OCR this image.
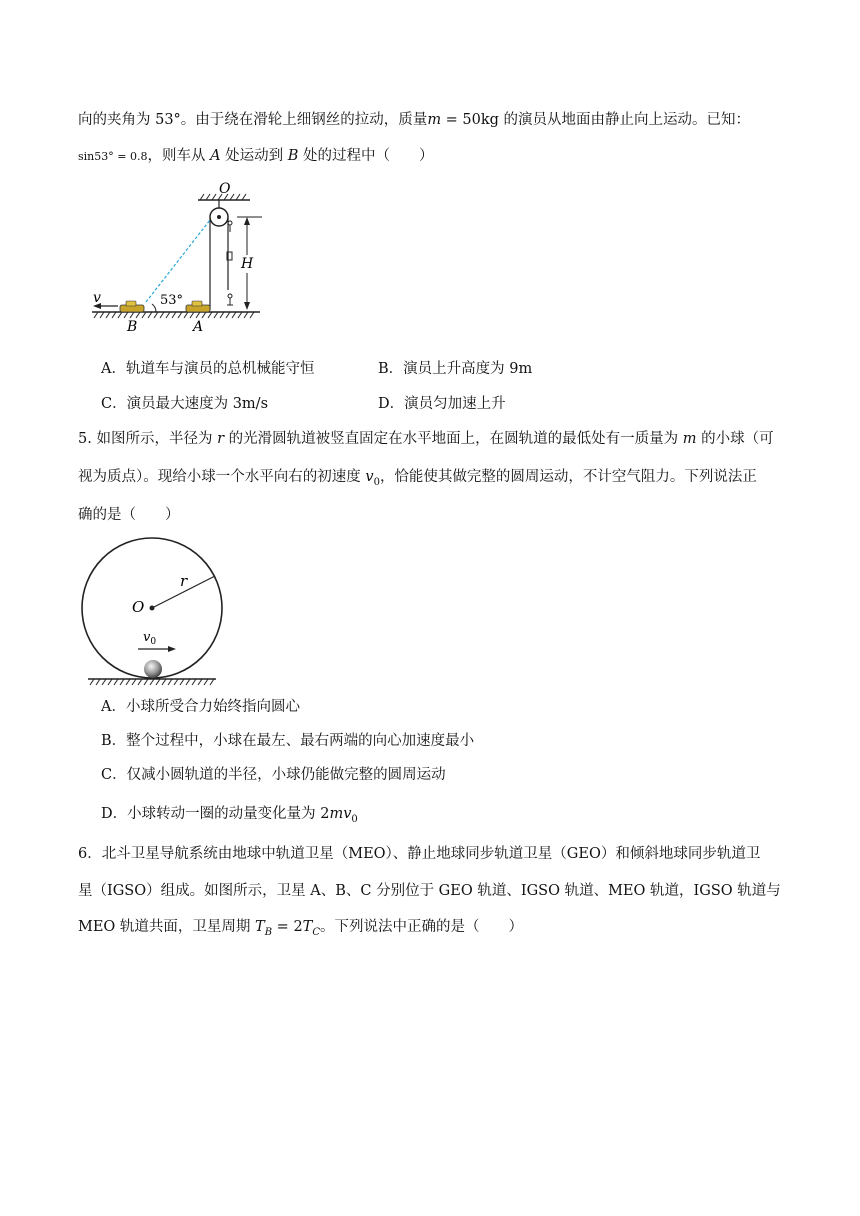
向的夹角为 53°。由于绕在滑轮上细钢丝的拉动，质量m = 50kg 的演员从地面由静止向上运动。已知：
sin53° = 0.8，则车从 A 处运动到 B 处的过程中（　　）
O
H
v	53°
B	A
A．轨道车与演员的总机械能守恒	B．演员上升高度为 9m
C．演员最大速度为 3m/s	D．演员匀加速上升
5. 如图所示，半径为 r 的光滑圆轨道被竖直固定在水平地面上，在圆轨道的最低处有一质量为 m 的小球（可
视为质点）。现给小球一个水平向右的初速度 $v_0$，恰能使其做完整的圆周运动，不计空气阻力。下列说法正
确的是（　　）
r
O
$v_0$
A．小球所受合力始终指向圆心
B．整个过程中，小球在最左、最右两端的向心加速度最小
C．仅减小圆轨道的半径，小球仍能做完整的圆周运动
D．小球转动一圈的动量变化量为 $2mv_0$
6．北斗卫星导航系统由地球中轨道卫星（MEO）、静止地球同步轨道卫星（GEO）和倾斜地球同步轨道卫
星（IGSO）组成。如图所示，卫星 A、B、C 分别位于 GEO 轨道、IGSO 轨道、MEO 轨道，IGSO 轨道与
MEO 轨道共面，卫星周期 $T_B = 2T_C$。下列说法中正确的是（　　）
